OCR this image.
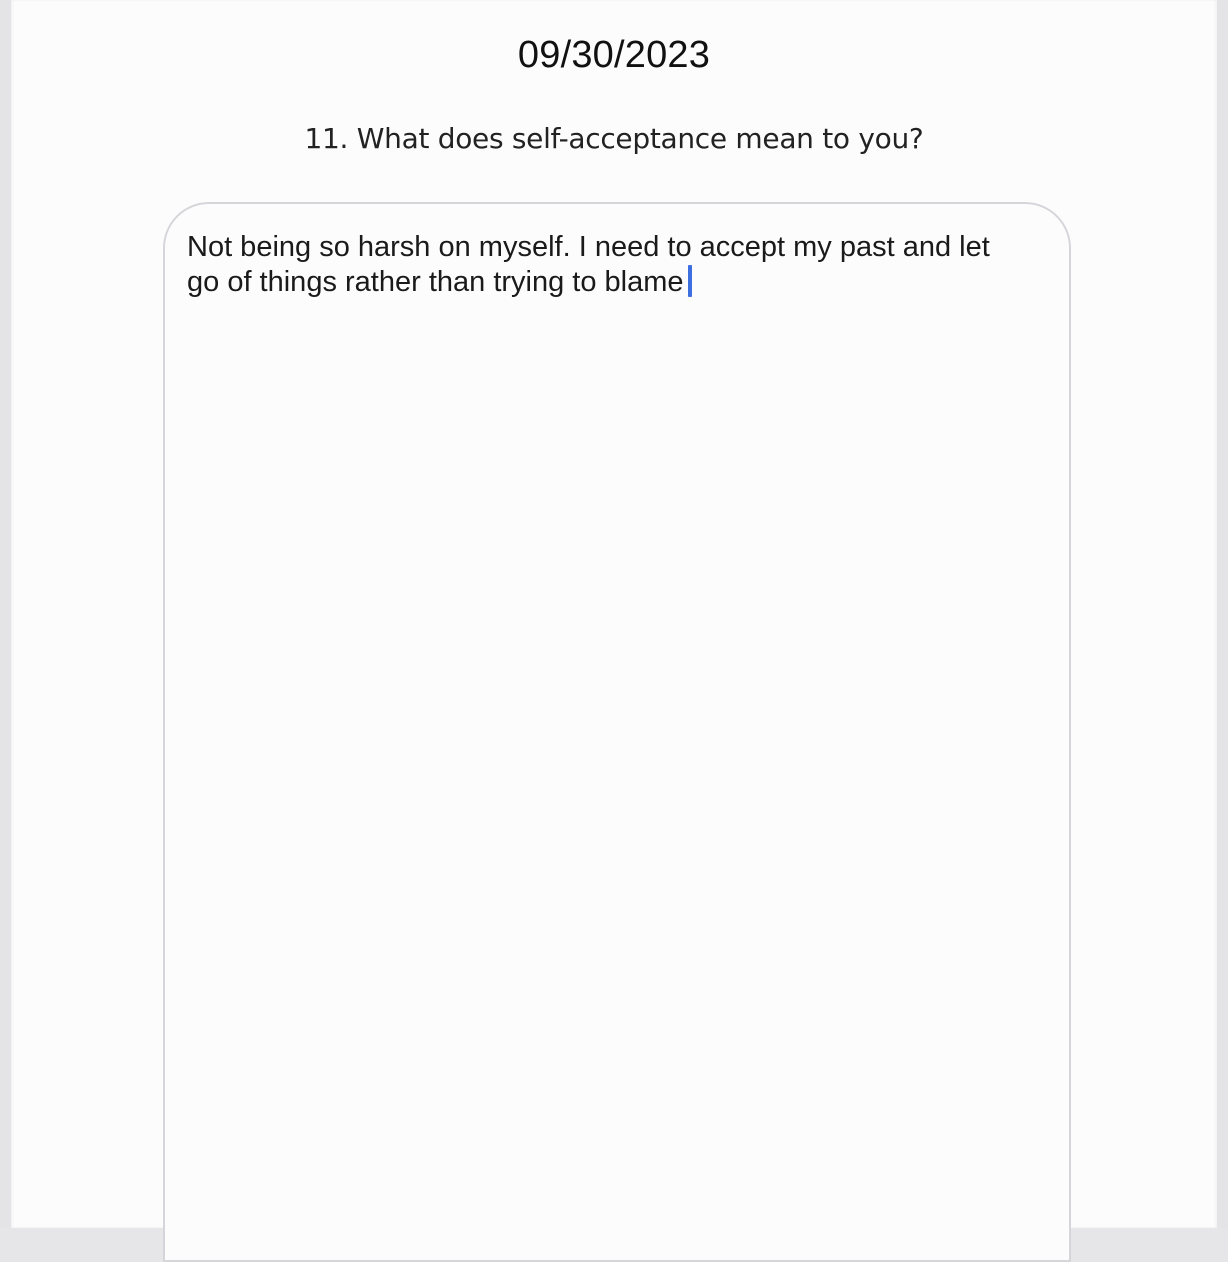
09/30/2023
11. What does self-acceptance mean to you?
Not being so harsh on myself. I need to accept my past and let
go of things rather than trying to blame
